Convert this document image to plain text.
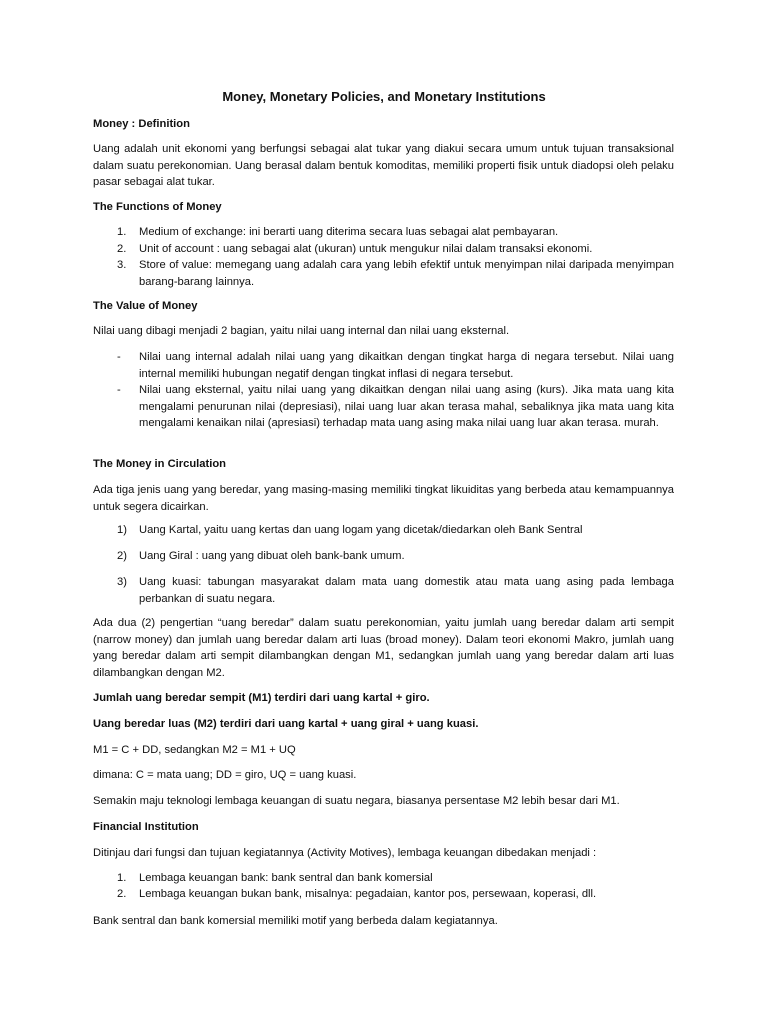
Money, Monetary Policies, and Monetary Institutions
Money : Definition
Uang adalah unit ekonomi yang berfungsi sebagai alat tukar yang diakui secara umum untuk tujuan transaksional dalam suatu perekonomian. Uang berasal dalam bentuk komoditas, memiliki properti fisik untuk diadopsi oleh pelaku pasar sebagai alat tukar.
The Functions of Money
1. Medium of exchange: ini berarti uang diterima secara luas sebagai alat pembayaran.
2. Unit of account : uang sebagai alat (ukuran) untuk mengukur nilai dalam transaksi ekonomi.
3. Store of value: memegang uang adalah cara yang lebih efektif untuk menyimpan nilai daripada menyimpan barang-barang lainnya.
The Value of Money
Nilai uang dibagi menjadi 2 bagian, yaitu nilai uang internal dan nilai uang eksternal.
- Nilai uang internal adalah nilai uang yang dikaitkan dengan tingkat harga di negara tersebut. Nilai uang internal memiliki hubungan negatif dengan tingkat inflasi di negara tersebut.
- Nilai uang eksternal, yaitu nilai uang yang dikaitkan dengan nilai uang asing (kurs). Jika mata uang kita mengalami penurunan nilai (depresiasi), nilai uang luar akan terasa mahal, sebaliknya jika mata uang kita mengalami kenaikan nilai (apresiasi) terhadap mata uang asing maka nilai uang luar akan terasa. murah.
The Money in Circulation
Ada tiga jenis uang yang beredar, yang masing-masing memiliki tingkat likuiditas yang berbeda atau kemampuannya untuk segera dicairkan.
1) Uang Kartal, yaitu uang kertas dan uang logam yang dicetak/diedarkan oleh Bank Sentral
2) Uang Giral : uang yang dibuat oleh bank-bank umum.
3) Uang kuasi: tabungan masyarakat dalam mata uang domestik atau mata uang asing pada lembaga perbankan di suatu negara.
Ada dua (2) pengertian “uang beredar” dalam suatu perekonomian, yaitu jumlah uang beredar dalam arti sempit (narrow money) dan jumlah uang beredar dalam arti luas (broad money). Dalam teori ekonomi Makro, jumlah uang yang beredar dalam arti sempit dilambangkan dengan M1, sedangkan jumlah uang yang beredar dalam arti luas dilambangkan dengan M2.
Jumlah uang beredar sempit (M1) terdiri dari uang kartal + giro.
Uang beredar luas (M2) terdiri dari uang kartal + uang giral + uang kuasi.
M1 = C + DD, sedangkan M2 = M1 + UQ
dimana: C = mata uang; DD = giro, UQ = uang kuasi.
Semakin maju teknologi lembaga keuangan di suatu negara, biasanya persentase M2 lebih besar dari M1.
Financial Institution
Ditinjau dari fungsi dan tujuan kegiatannya (Activity Motives), lembaga keuangan dibedakan menjadi :
1. Lembaga keuangan bank: bank sentral dan bank komersial
2. Lembaga keuangan bukan bank, misalnya: pegadaian, kantor pos, persewaan, koperasi, dll.
Bank sentral dan bank komersial memiliki motif yang berbeda dalam kegiatannya.
